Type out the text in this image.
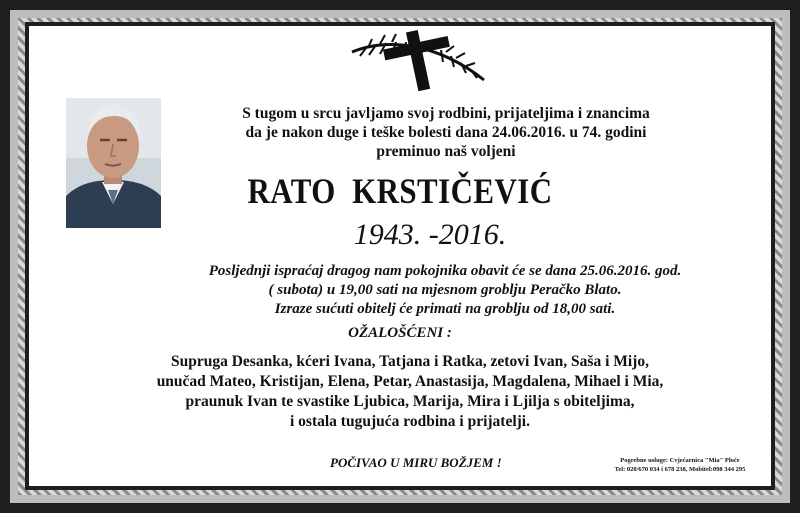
S tugom u srcu javljamo svoj rodbini, prijateljima i znancima
da je nakon duge i teške bolesti dana 24.06.2016. u 74. godini
preminuo naš voljeni
RATO  KRSTIČEVIĆ
1943. -2016.
Posljednji ispraćaj dragog nam pokojnika obavit će se dana 25.06.2016. god.
( subota) u 19,00 sati na mjesnom groblju Peračko Blato.
Izraze sućuti obitelj će primati na groblju od 18,00 sati.
OŽALOŠĆENI :
Supruga Desanka, kćeri Ivana, Tatjana i Ratka, zetovi Ivan, Saša i Mijo,
unučad Mateo, Kristijan, Elena, Petar, Anastasija, Magdalena, Mihael i Mia,
praunuk Ivan te svastike Ljubica, Marija, Mira i Ljilja s obiteljima,
i ostala tugujuća rodbina i prijatelji.
POČIVAO U MIRU BOŽJEM !	Pogrebne usluge: Cvjećarnica "Mia" Ploče
Tel: 020/670 034 i 678 238, Mobitel:098 344 295
